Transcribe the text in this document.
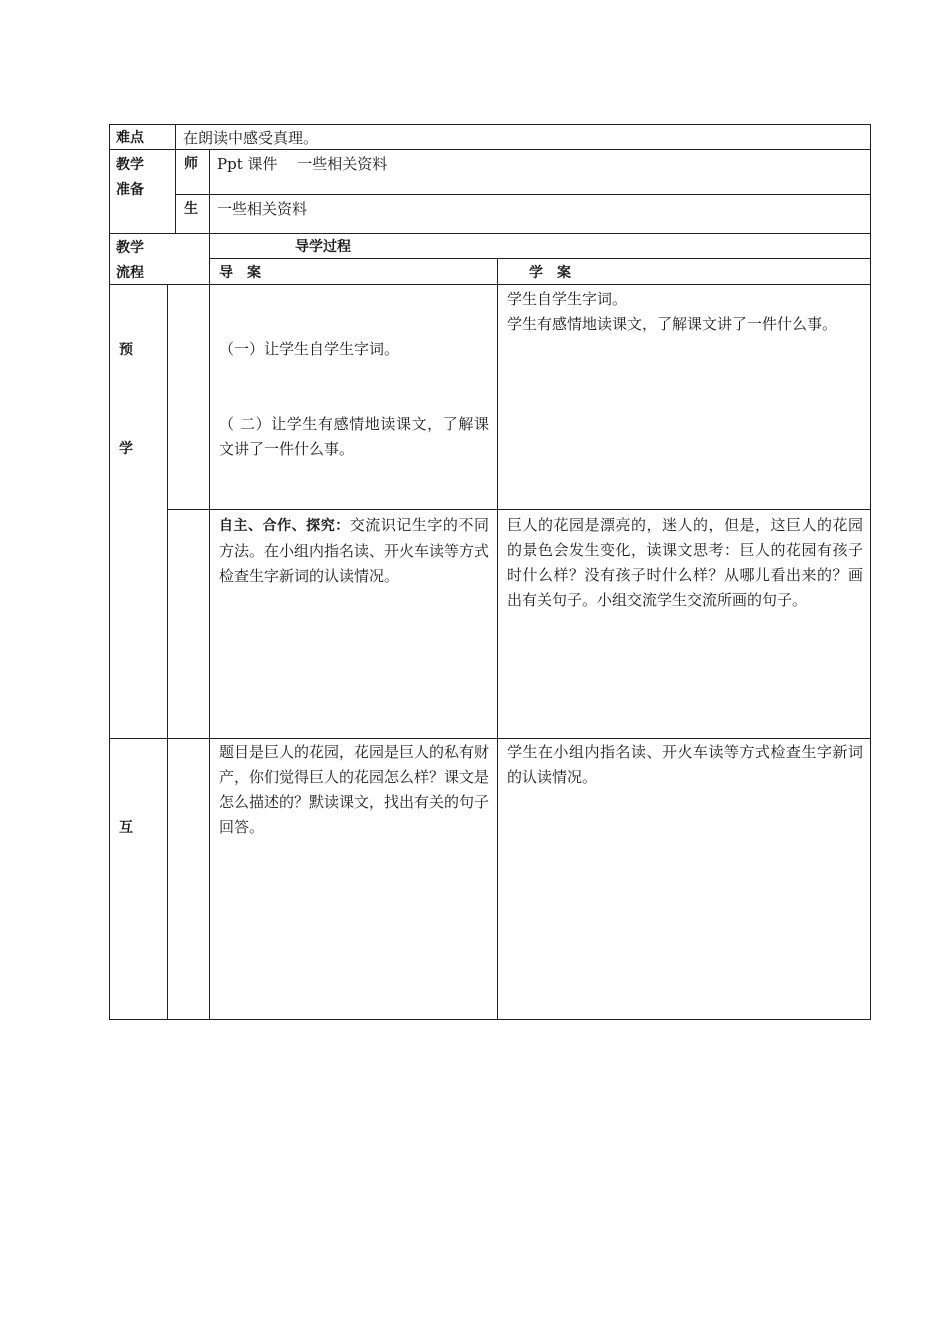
难点	在朗读中感受真理。
教学
准备
师 Ppt 课件　 一些相关资料
生 一些相关资料
教学
流程
导学过程
导　案	学　案
预
学

（一）让学生自学生字词。

（ 二）让学生有感情地读课文，了解课文讲了一件什么事。

学生自学生字词。
学生有感情地读课文，了解课文讲了一件什么事。
自主、合作、探究：交流识记生字的不同方法。在小组内指名读、开火车读等方式检查生字新词的认读情况。
巨人的花园是漂亮的，迷人的，但是，这巨人的花园的景色会发生变化，读课文思考：巨人的花园有孩子时什么样？没有孩子时什么样？从哪儿看出来的？画出有关句子。小组交流学生交流所画的句子。
互
题目是巨人的花园，花园是巨人的私有财产，你们觉得巨人的花园怎么样？课文是怎么描述的？默读课文，找出有关的句子回答。
学生在小组内指名读、开火车读等方式检查生字新词的认读情况。
